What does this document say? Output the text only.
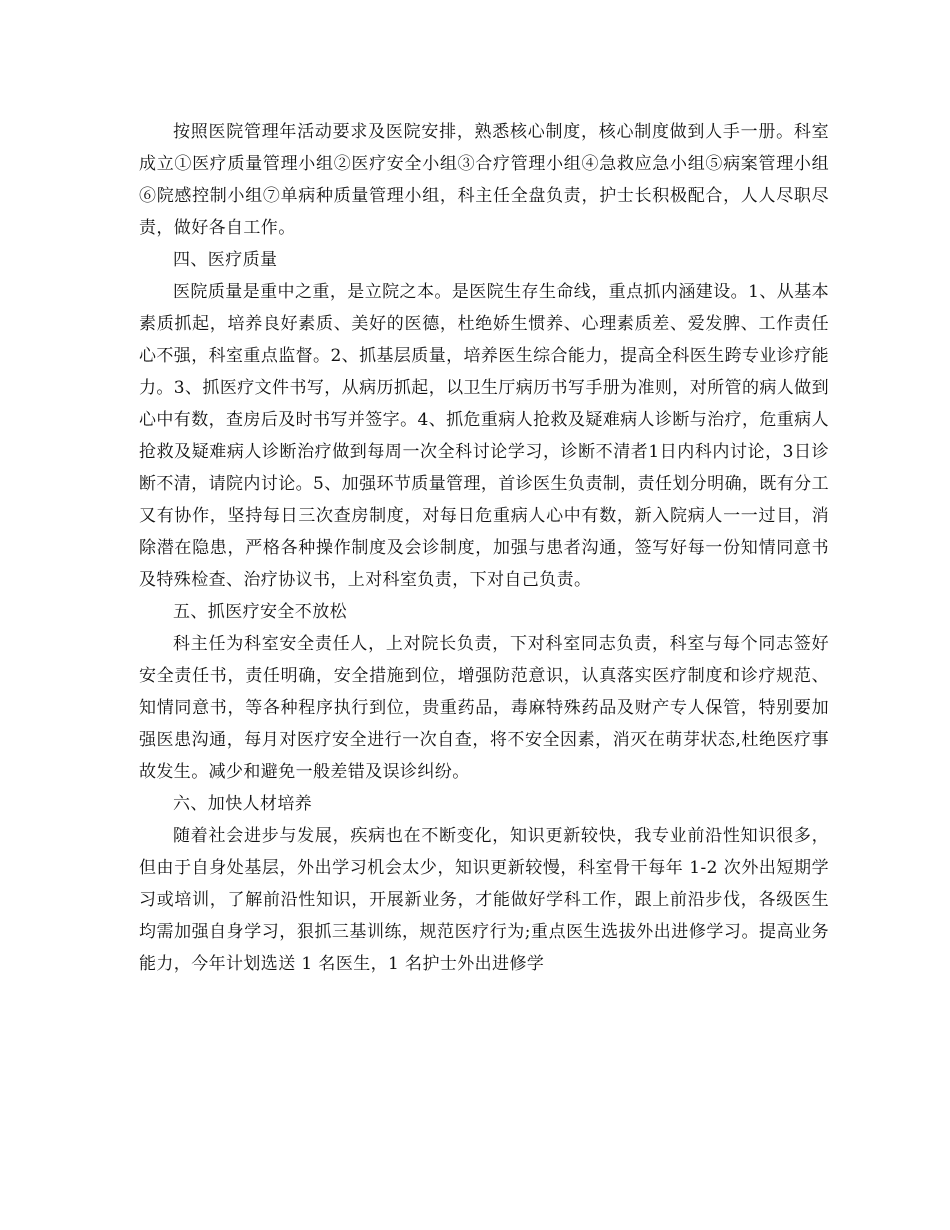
按照医院管理年活动要求及医院安排，熟悉核心制度，核心制度做到人手一册。科室成立①医疗质量管理小组②医疗安全小组③合疗管理小组④急救应急小组⑤病案管理小组⑥院感控制小组⑦单病种质量管理小组，科主任全盘负责，护士长积极配合，人人尽职尽责，做好各自工作。

四、医疗质量

医院质量是重中之重，是立院之本。是医院生存生命线，重点抓内涵建设。1、从基本素质抓起，培养良好素质、美好的医德，杜绝娇生惯养、心理素质差、爱发脾、工作责任心不强，科室重点监督。2、抓基层质量，培养医生综合能力，提高全科医生跨专业诊疗能力。3、抓医疗文件书写，从病历抓起，以卫生厅病历书写手册为准则，对所管的病人做到心中有数，查房后及时书写并签字。4、抓危重病人抢救及疑难病人诊断与治疗，危重病人抢救及疑难病人诊断治疗做到每周一次全科讨论学习，诊断不清者1日内科内讨论，3日诊断不清，请院内讨论。5、加强环节质量管理，首诊医生负责制，责任划分明确，既有分工又有协作，坚持每日三次查房制度，对每日危重病人心中有数，新入院病人一一过目，消除潜在隐患，严格各种操作制度及会诊制度，加强与患者沟通，签写好每一份知情同意书及特殊检查、治疗协议书，上对科室负责，下对自己负责。

五、抓医疗安全不放松

科主任为科室安全责任人，上对院长负责，下对科室同志负责，科室与每个同志签好安全责任书，责任明确，安全措施到位，增强防范意识，认真落实医疗制度和诊疗规范、知情同意书，等各种程序执行到位，贵重药品，毒麻特殊药品及财产专人保管，特别要加强医患沟通，每月对医疗安全进行一次自查，将不安全因素，消灭在萌芽状态,杜绝医疗事故发生。减少和避免一般差错及误诊纠纷。

六、加快人材培养

随着社会进步与发展，疾病也在不断变化，知识更新较快，我专业前沿性知识很多，但由于自身处基层，外出学习机会太少，知识更新较慢，科室骨干每年 1-2 次外出短期学习或培训，了解前沿性知识，开展新业务，才能做好学科工作，跟上前沿步伐，各级医生均需加强自身学习，狠抓三基训练，规范医疗行为;重点医生选拔外出进修学习。提高业务能力，今年计划选送 1 名医生，1 名护士外出进修学
